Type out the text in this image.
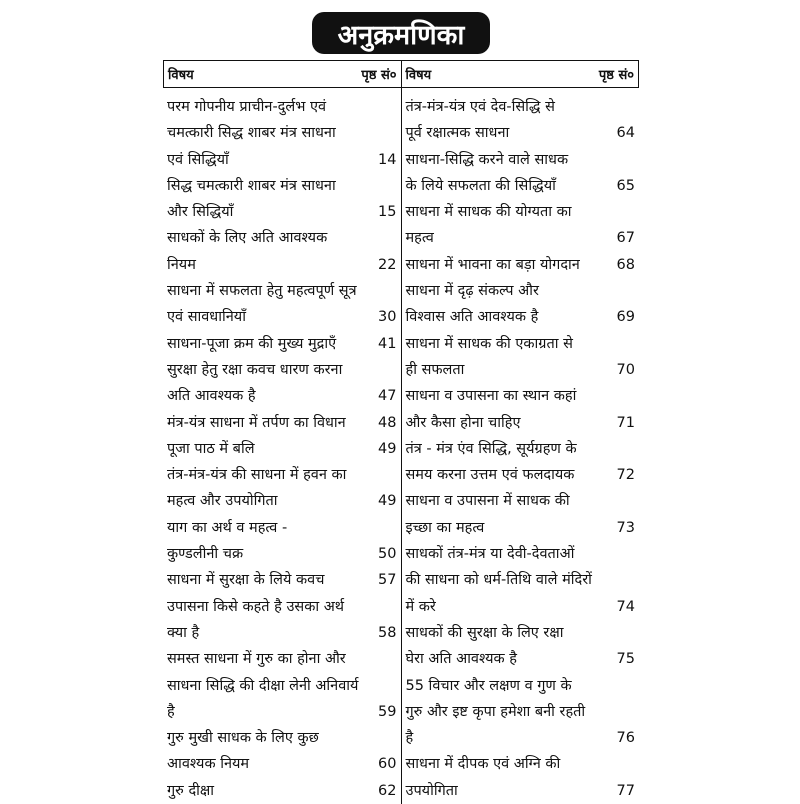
अनुक्रमणिका
विषय	पृष्ठ सं०
परम गोपनीय प्राचीन-दुर्लभ एवं
चमत्कारी सिद्ध शाबर मंत्र साधना
एवं सिद्धियाँ	14
सिद्ध चमत्कारी शाबर मंत्र साधना
और सिद्धियाँ	15
साधकों के लिए अति आवश्यक
नियम	22
साधना में सफलता हेतु महत्वपूर्ण सूत्र
एवं सावधानियाँ	30
साधना-पूजा क्रम की मुख्य मुद्राएँ	41
सुरक्षा हेतु रक्षा कवच धारण करना
अति आवश्यक है	47
मंत्र-यंत्र साधना में तर्पण का विधान 48
पूजा पाठ में बलि	49
तंत्र-मंत्र-यंत्र की साधना में हवन का
महत्व और उपयोगिता	49
याग का अर्थ व महत्व -
कुण्डलीनी चक्र	50
साधना में सुरक्षा के लिये कवच	57
उपासना किसे कहते है उसका अर्थ
क्या है	58
समस्त साधना में गुरु का होना और
साधना सिद्धि की दीक्षा लेनी अनिवार्य
है	59
गुरु मुखी साधक के लिए कुछ
आवश्यक नियम	60
गुरु दीक्षा	62
विषय	पृष्ठ सं०
तंत्र-मंत्र-यंत्र एवं देव-सिद्धि से
पूर्व रक्षात्मक साधना	64
साधना-सिद्धि करने वाले साधक
के लिये सफलता की सिद्धियाँ	65
साधना में साधक की योग्यता का
महत्व	67
साधना में भावना का बड़ा योगदान	68
साधना में दृढ़ संकल्प और
विश्वास अति आवश्यक है	69
साधना में साधक की एकाग्रता से
ही सफलता	70
साधना व उपासना का स्थान कहां
और कैसा होना चाहिए	71
तंत्र - मंत्र एंव सिद्धि, सूर्यग्रहण के
समय करना उत्तम एवं फलदायक	72
साधना व उपासना में साधक की
इच्छा का महत्व	73
साधकों तंत्र-मंत्र या देवी-देवताओं
की साधना को धर्म-तिथि वाले मंदिरों
में करे	74
साधकों की सुरक्षा के लिए रक्षा
घेरा अति आवश्यक है	75
55 विचार और लक्षण व गुण के
गुरु और इष्ट कृपा हमेशा बनी रहती
है	76
साधना में दीपक एवं अग्नि की
उपयोगिता	77
